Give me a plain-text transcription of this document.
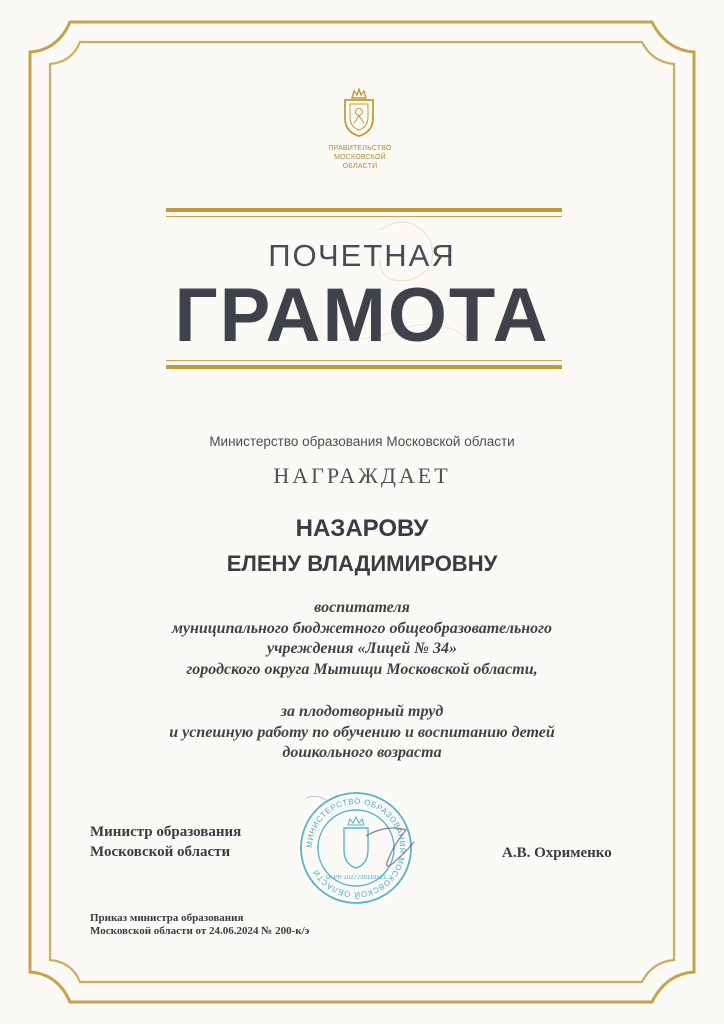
ПРАВИТЕЛЬСТВО
МОСКОВСКОЙ
ОБЛАСТИ
ПОЧЕТНАЯ
ГРАМОТА
Министерство образования Московской области
НАГРАЖДАЕТ
НАЗАРОВУ
ЕЛЕНУ ВЛАДИМИРОВНУ
воспитателя
муниципального бюджетного общеобразовательного
учреждения «Лицей № 34»
городского округа Мытищи Московской области,
за плодотворный труд
и успешную работу по обучению и воспитанию детей
дошкольного возраста
Министр образования
Московской области	МИНИСТЕРСТВО ОБРАЗОВАНИЯ МОСКОВСКОЙ ОБЛАСТИ
ОГРН 1027739119121
А.В. Охрименко
Приказ министра образования
Московской области от 24.06.2024 № 200-к/э
